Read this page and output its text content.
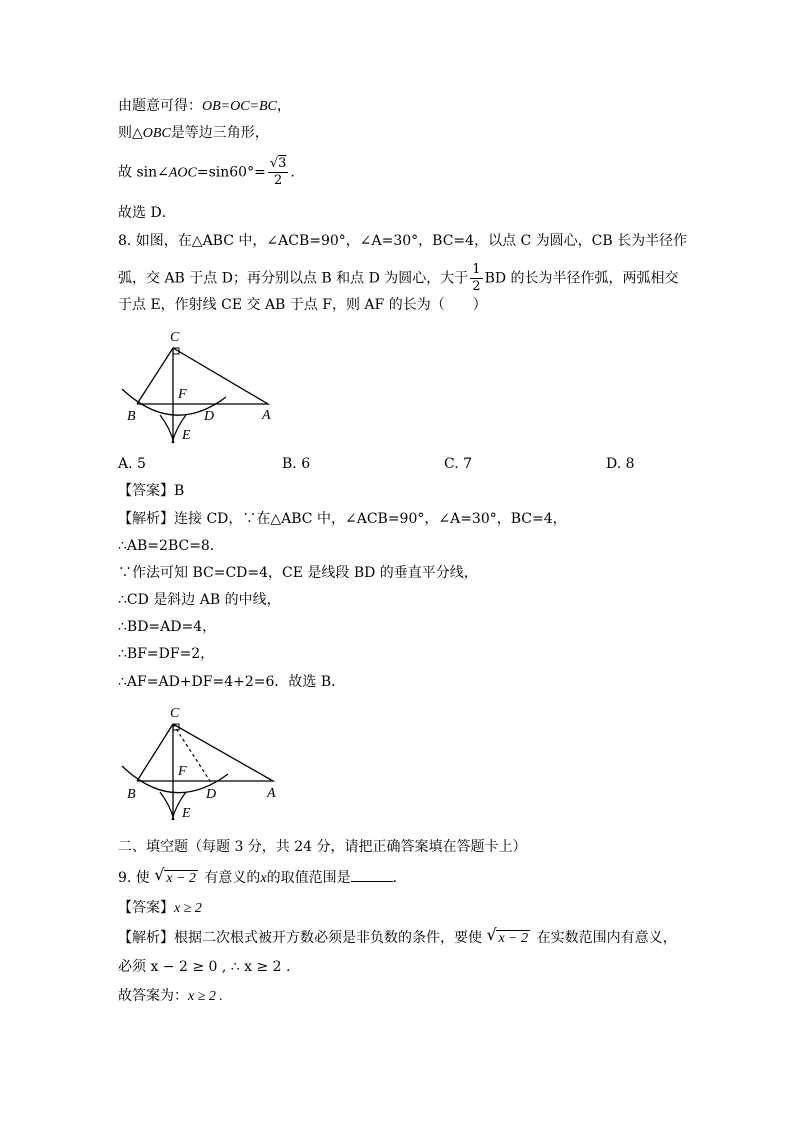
由题意可得：OB=OC=BC，
则△OBC是等边三角形，
故 sin∠AOC=sin60°= $\frac{√3}{2}$ .
故选 D．
8. 如图，在△ABC 中，∠ACB=90°，∠A=30°，BC=4，以点 C 为圆心，CB 长为半径作
弧，交 AB 于点 D；再分别以点 B 和点 D 为圆心，大于 $\frac{1}{2}$ BD 的长为半径作弧，两弧相交
于点 E，作射线 CE 交 AB 于点 F，则 AF 的长为（　　）
C
B
F
D	A
E
A. 5	B. 6	C. 7	D. 8
【答案】B
【解析】连接 CD，∵在△ABC 中，∠ACB=90°，∠A=30°，BC=4，
∴AB=2BC=8．
∵作法可知 BC=CD=4，CE 是线段 BD 的垂直平分线，
∴CD 是斜边 AB 的中线，
∴BD=AD=4，
∴BF=DF=2，
∴AF=AD+DF=4+2=6．故选 B．
C
B
F
D	A
E
二、填空题（每题 3 分，共 24 分，请把正确答案填在答题卡上）
9. 使 √ x − 2 有意义的x的取值范围是	．
【答案】x ≥ 2
【解析】根据二次根式被开方数必须是非负数的条件，要使 √ x − 2 在实数范围内有意义，
必须 x − 2 ≥ 0 , ∴ x ≥ 2 .
故答案为：x ≥ 2 .
